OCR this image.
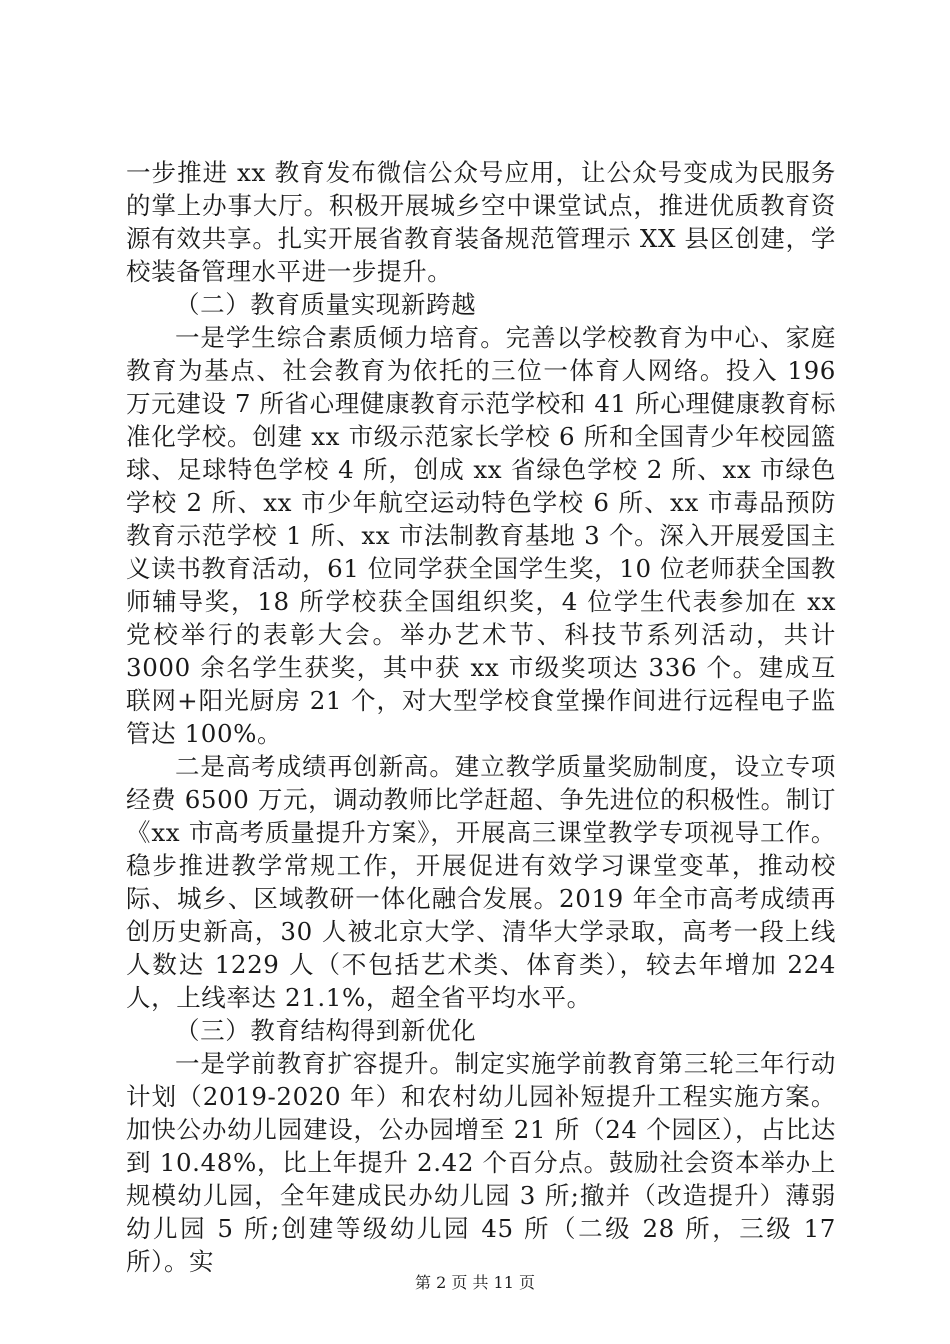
一步推进 xx 教育发布微信公众号应用，让公众号变成为民服务的掌上办事大厅。积极开展城乡空中课堂试点，推进优质教育资源有效共享。扎实开展省教育装备规范管理示 XX 县区创建，学校装备管理水平进一步提升。

（二）教育质量实现新跨越

一是学生综合素质倾力培育。完善以学校教育为中心、家庭教育为基点、社会教育为依托的三位一体育人网络。投入 196 万元建设 7 所省心理健康教育示范学校和 41 所心理健康教育标准化学校。创建 xx 市级示范家长学校 6 所和全国青少年校园篮球、足球特色学校 4 所，创成 xx 省绿色学校 2 所、xx 市绿色学校 2 所、xx 市少年航空运动特色学校 6 所、xx 市毒品预防教育示范学校 1 所、xx 市法制教育基地 3 个。深入开展爱国主义读书教育活动，61 位同学获全国学生奖，10 位老师获全国教师辅导奖，18 所学校获全国组织奖，4 位学生代表参加在 xx 党校举行的表彰大会。举办艺术节、科技节系列活动，共计 3000 余名学生获奖，其中获 xx 市级奖项达 336 个。建成互联网+阳光厨房 21 个，对大型学校食堂操作间进行远程电子监管达 100%。

二是高考成绩再创新高。建立教学质量奖励制度，设立专项经费 6500 万元，调动教师比学赶超、争先进位的积极性。制订《xx 市高考质量提升方案》，开展高三课堂教学专项视导工作。稳步推进教学常规工作，开展促进有效学习课堂变革，推动校际、城乡、区域教研一体化融合发展。2019 年全市高考成绩再创历史新高，30 人被北京大学、清华大学录取，高考一段上线人数达 1229 人（不包括艺术类、体育类），较去年增加 224 人，上线率达 21.1%，超全省平均水平。

（三）教育结构得到新优化

一是学前教育扩容提升。制定实施学前教育第三轮三年行动计划（2019-2020 年）和农村幼儿园补短提升工程实施方案。加快公办幼儿园建设，公办园增至 21 所（24 个园区），占比达到 10.48%，比上年提升 2.42 个百分点。鼓励社会资本举办上规模幼儿园，全年建成民办幼儿园 3 所;撤并（改造提升）薄弱幼儿园 5 所;创建等级幼儿园 45 所（二级 28 所，三级 17 所）。实

第 2 页 共 11 页
